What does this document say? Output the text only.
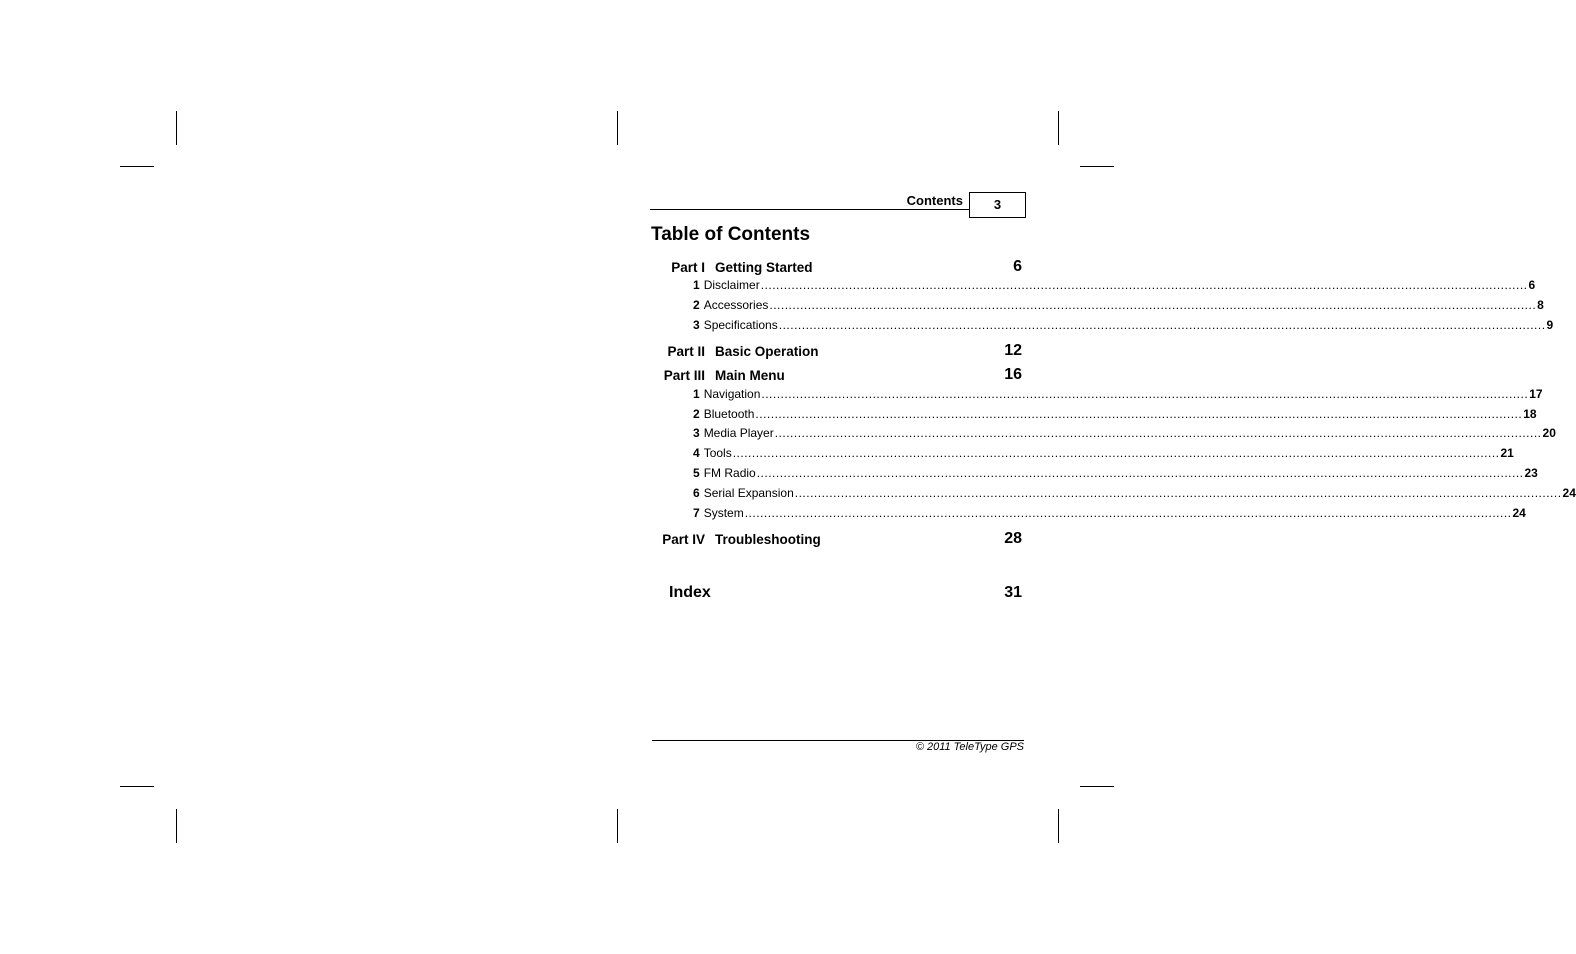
Contents	3
Table of Contents
Part I Getting Started	6
1 Disclaimer ........................................................................................................................................................................................................ 6
2 Accessories ........................................................................................................................................................................................................ 8
3 Specifications ........................................................................................................................................................................................................ 9
Part II Basic Operation	12
Part III Main Menu	16
1 Navigation ........................................................................................................................................................................................................ 17
2 Bluetooth ........................................................................................................................................................................................................ 18
3 Media Player ........................................................................................................................................................................................................ 20
4 Tools ........................................................................................................................................................................................................ 21
5 FM Radio ........................................................................................................................................................................................................ 23
6 Serial Expansion ........................................................................................................................................................................................................ 24
7 System ........................................................................................................................................................................................................ 24
Part IV Troubleshooting	28
Index	31
© 2011 TeleType GPS
